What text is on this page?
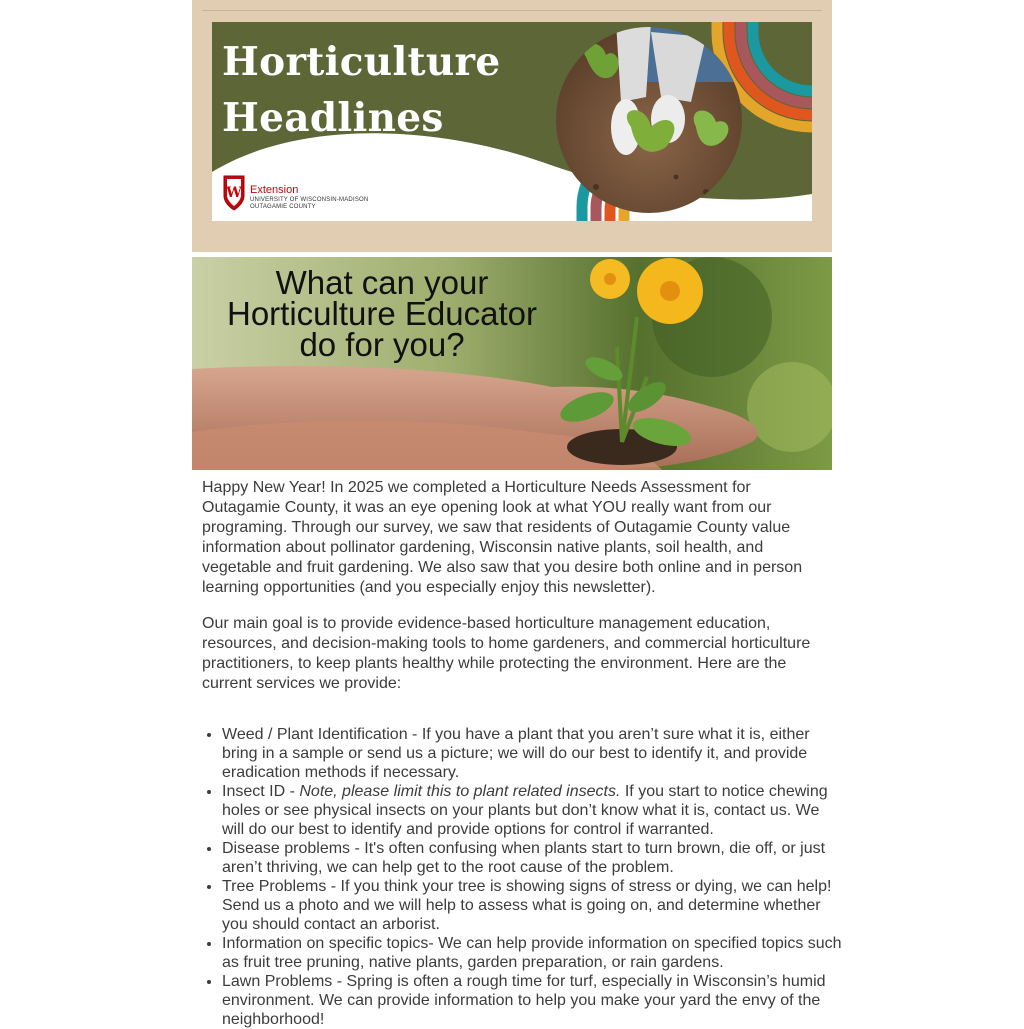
Horticulture
Headlines
W Extension
UNIVERSITY OF WISCONSIN-MADISON
OUTAGAMIE COUNTY
What can your
Horticulture Educator
do for you?

Happy New Year! In 2025 we completed a Horticulture Needs Assessment for Outagamie County, it was an eye opening look at what YOU really want from our programing. Through our survey, we saw that residents of Outagamie County value information about pollinator gardening, Wisconsin native plants, soil health, and vegetable and fruit gardening. We also saw that you desire both online and in person learning opportunities (and you especially enjoy this newsletter).

Our main goal is to provide evidence-based horticulture management education, resources, and decision-making tools to home gardeners, and commercial horticulture practitioners, to keep plants healthy while protecting the environment. Here are the current services we provide:

• Weed / Plant Identification - If you have a plant that you aren’t sure what it is, either bring in a sample or send us a picture; we will do our best to identify it, and provide eradication methods if necessary.
• Insect ID - Note, please limit this to plant related insects. If you start to notice chewing holes or see physical insects on your plants but don’t know what it is, contact us. We will do our best to identify and provide options for control if warranted.
• Disease problems - It's often confusing when plants start to turn brown, die off, or just aren’t thriving, we can help get to the root cause of the problem.
• Tree Problems - If you think your tree is showing signs of stress or dying, we can help! Send us a photo and we will help to assess what is going on, and determine whether you should contact an arborist.
• Information on specific topics- We can help provide information on specified topics such as fruit tree pruning, native plants, garden preparation, or rain gardens.
• Lawn Problems - Spring is often a rough time for turf, especially in Wisconsin’s humid environment. We can provide information to help you make your yard the envy of the neighborhood!
